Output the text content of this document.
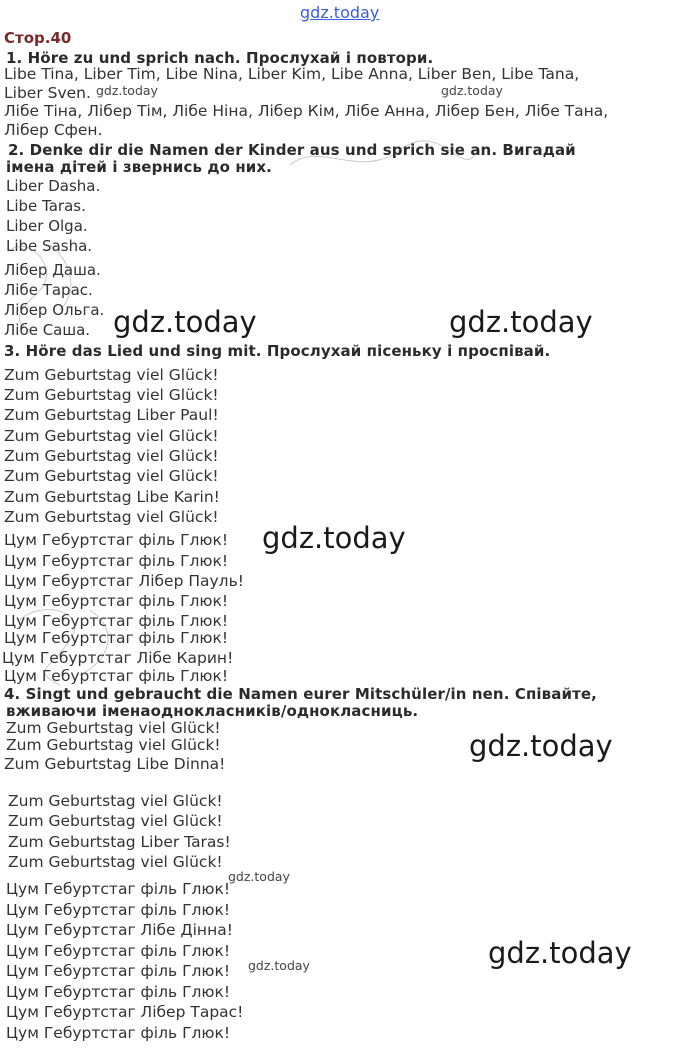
gdz.today
Стор.40
1. Höre zu und sprich nach. Прослухай і повтори.
Libe Tina, Liber Tim, Libe Nina, Liber Kim, Libe Anna, Liber Ben, Libe Tana,
Liber Sven.
Лібе Тіна, Лібер Тім, Лібе Ніна, Лібер Кім, Лібе Анна, Лібер Бен, Лібе Тана,
Лібер Сфен.
2. Denke dir die Namen der Kinder aus und sprich sie an. Вигадай
імена дітей і звернись до них.
Liber Dasha.
Libe Taras.
Liber Olga.
Libe Sasha.
Лібер Даша.
Лібе Тарас.
Лібер Ольга.
Лібе Саша.
3. Höre das Lied und sing mit. Прослухай пісеньку і проспівай.
Zum Geburtstag viel Glück!
Zum Geburtstag viel Glück!
Zum Geburtstag Liber Paul!
Zum Geburtstag viel Glück!
Zum Geburtstag viel Glück!
Zum Geburtstag viel Glück!
Zum Geburtstag Libe Karin!
Zum Geburtstag viel Glück!
Цум Гебуртстаг філь Глюк!
Цум Гебуртстаг філь Глюк!
Цум Гебуртстаг Лібер Пауль!
Цум Гебуртстаг філь Глюк!
Цум Гебуртстаг філь Глюк!
Цум Гебуртстаг філь Глюк!
Цум Гебуртстаг Лібе Карин!
Цум Гебуртстаг філь Глюк!
4. Singt und gebraucht die Namen eurer Mitschüler/in nen. Співайте,
вживаючи іменаоднокласників/однокласниць.
Zum Geburtstag viel Glück!
Zum Geburtstag viel Glück!
Zum Geburtstag Libe Dinna!
Zum Geburtstag viel Glück!
Zum Geburtstag viel Glück!
Zum Geburtstag Liber Taras!
Zum Geburtstag viel Glück!
Цум Гебуртстаг філь Глюк!
Цум Гебуртстаг філь Глюк!
Цум Гебуртстаг Лібе Дінна!
Цум Гебуртстаг філь Глюк!
Цум Гебуртстаг філь Глюк!
Цум Гебуртстаг філь Глюк!
Цум Гебуртстаг Лібер Тарас!
Цум Гебуртстаг філь Глюк!
gdz.today	gdz.today
gdz.today
gdz.today
gdz.today
gdz.today	gdz.today
gdz.today
gdz.today
